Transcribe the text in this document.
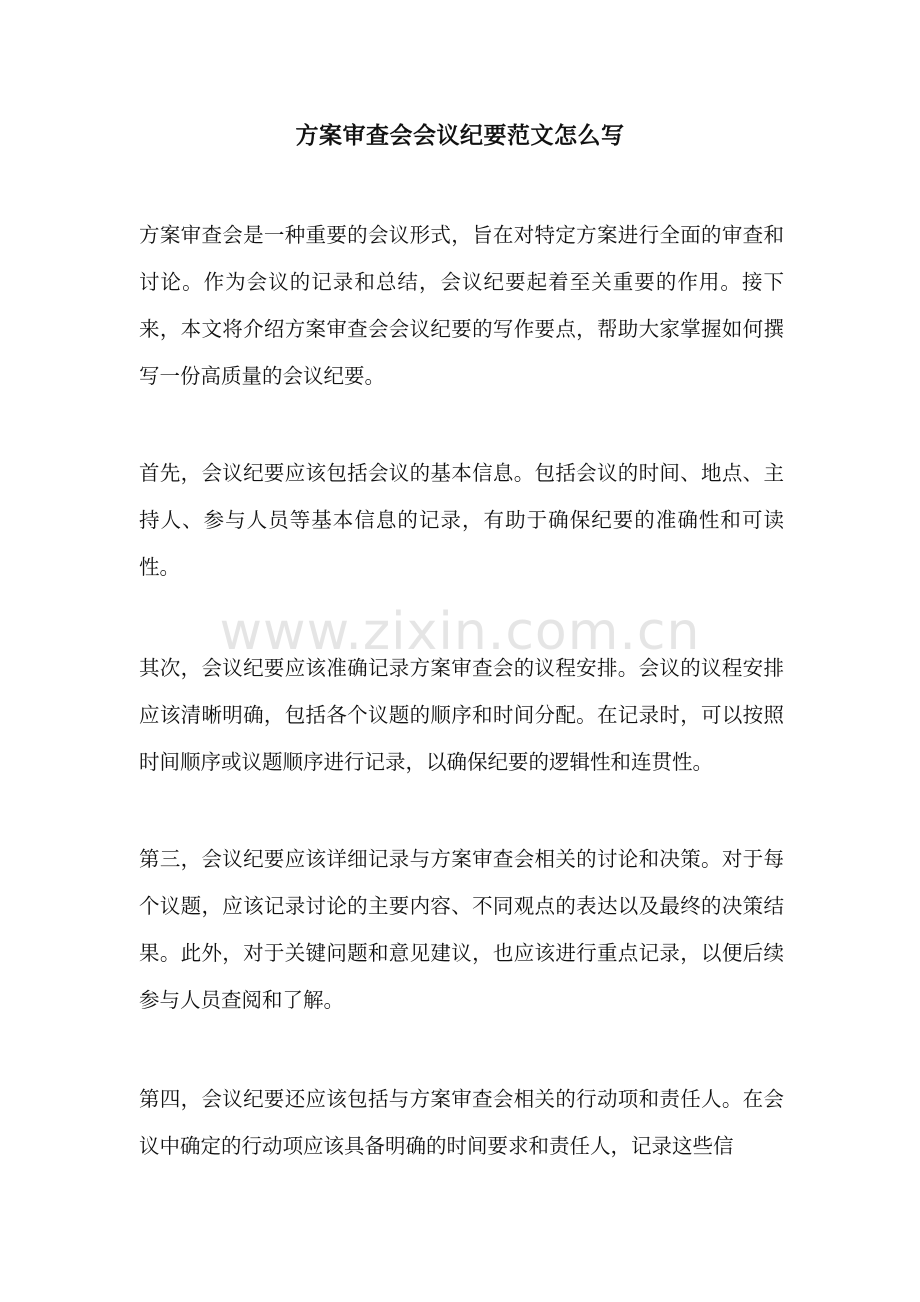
方案审查会会议纪要范文怎么写

方案审查会是一种重要的会议形式，旨在对特定方案进行全面的审查和讨论。作为会议的记录和总结，会议纪要起着至关重要的作用。接下来，本文将介绍方案审查会会议纪要的写作要点，帮助大家掌握如何撰写一份高质量的会议纪要。

首先，会议纪要应该包括会议的基本信息。包括会议的时间、地点、主持人、参与人员等基本信息的记录，有助于确保纪要的准确性和可读性。

其次，会议纪要应该准确记录方案审查会的议程安排。会议的议程安排应该清晰明确，包括各个议题的顺序和时间分配。在记录时，可以按照时间顺序或议题顺序进行记录，以确保纪要的逻辑性和连贯性。

第三，会议纪要应该详细记录与方案审查会相关的讨论和决策。对于每个议题，应该记录讨论的主要内容、不同观点的表达以及最终的决策结果。此外，对于关键问题和意见建议，也应该进行重点记录，以便后续参与人员查阅和了解。

第四，会议纪要还应该包括与方案审查会相关的行动项和责任人。在会议中确定的行动项应该具备明确的时间要求和责任人，记录这些信

www.zixin.com.cn
